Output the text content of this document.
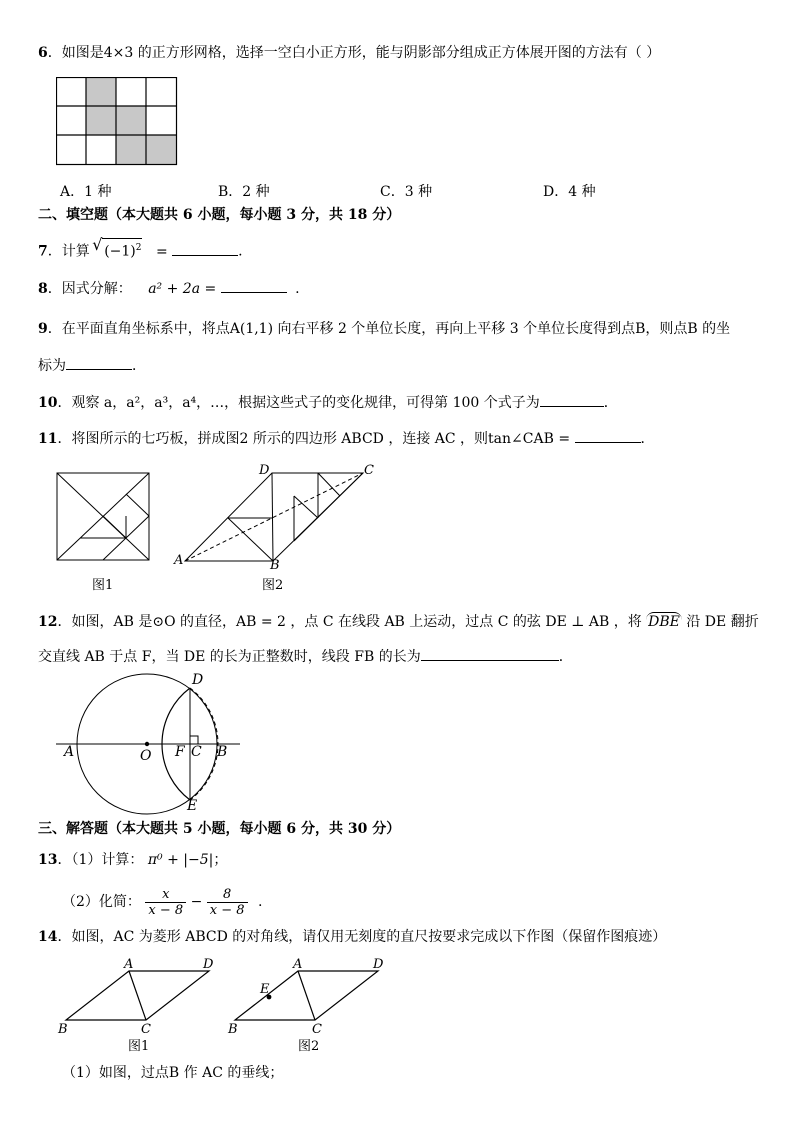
6．如图是4×3 的正方形网格，选择一空白小正方形，能与阴影部分组成正方体展开图的方法有（ ）
A．1 种	B．2 种	C．3 种	D．4 种
二、填空题（本大题共 6 小题，每小题 3 分，共 18 分）
7．计算 √ $(-1)^2$ =	.
8．因式分解： a² + 2a =	.
9．在平面直角坐标系中，将点A(1,1) 向右平移 2 个单位长度，再向上平移 3 个单位长度得到点B，则点B 的坐
标为	．
10．观察 a，a²，a³，a⁴，…，根据这些式子的变化规律，可得第 100 个式子为	．
11．将图所示的七巧板，拼成图2 所示的四边形 ABCD ，连接 AC ，则tan∠CAB =	．
A	B
C
D
图1	图2
12．如图，AB 是⊙O 的直径，AB = 2 ，点 C 在线段 AB 上运动，过点 C 的弦 DE ⊥ AB ，将 DBE 沿 DE 翻折
交直线 AB 于点 F，当 DE 的长为正整数时，线段 FB 的长为	．
A	O F C B
D
E
三、解答题（本大题共 5 小题，每小题 6 分，共 30 分）
13．（1）计算： π⁰ + |−5|；
（2）化简： $\frac{x}{x - 8} - \frac{8}{x - 8}$ .
14．如图，AC 为菱形 ABCD 的对角线，请仅用无刻度的直尺按要求完成以下作图（保留作图痕迹）
A	D
B	C
图1
A	D
E
B	C
图2
（1）如图，过点B 作 AC 的垂线；
